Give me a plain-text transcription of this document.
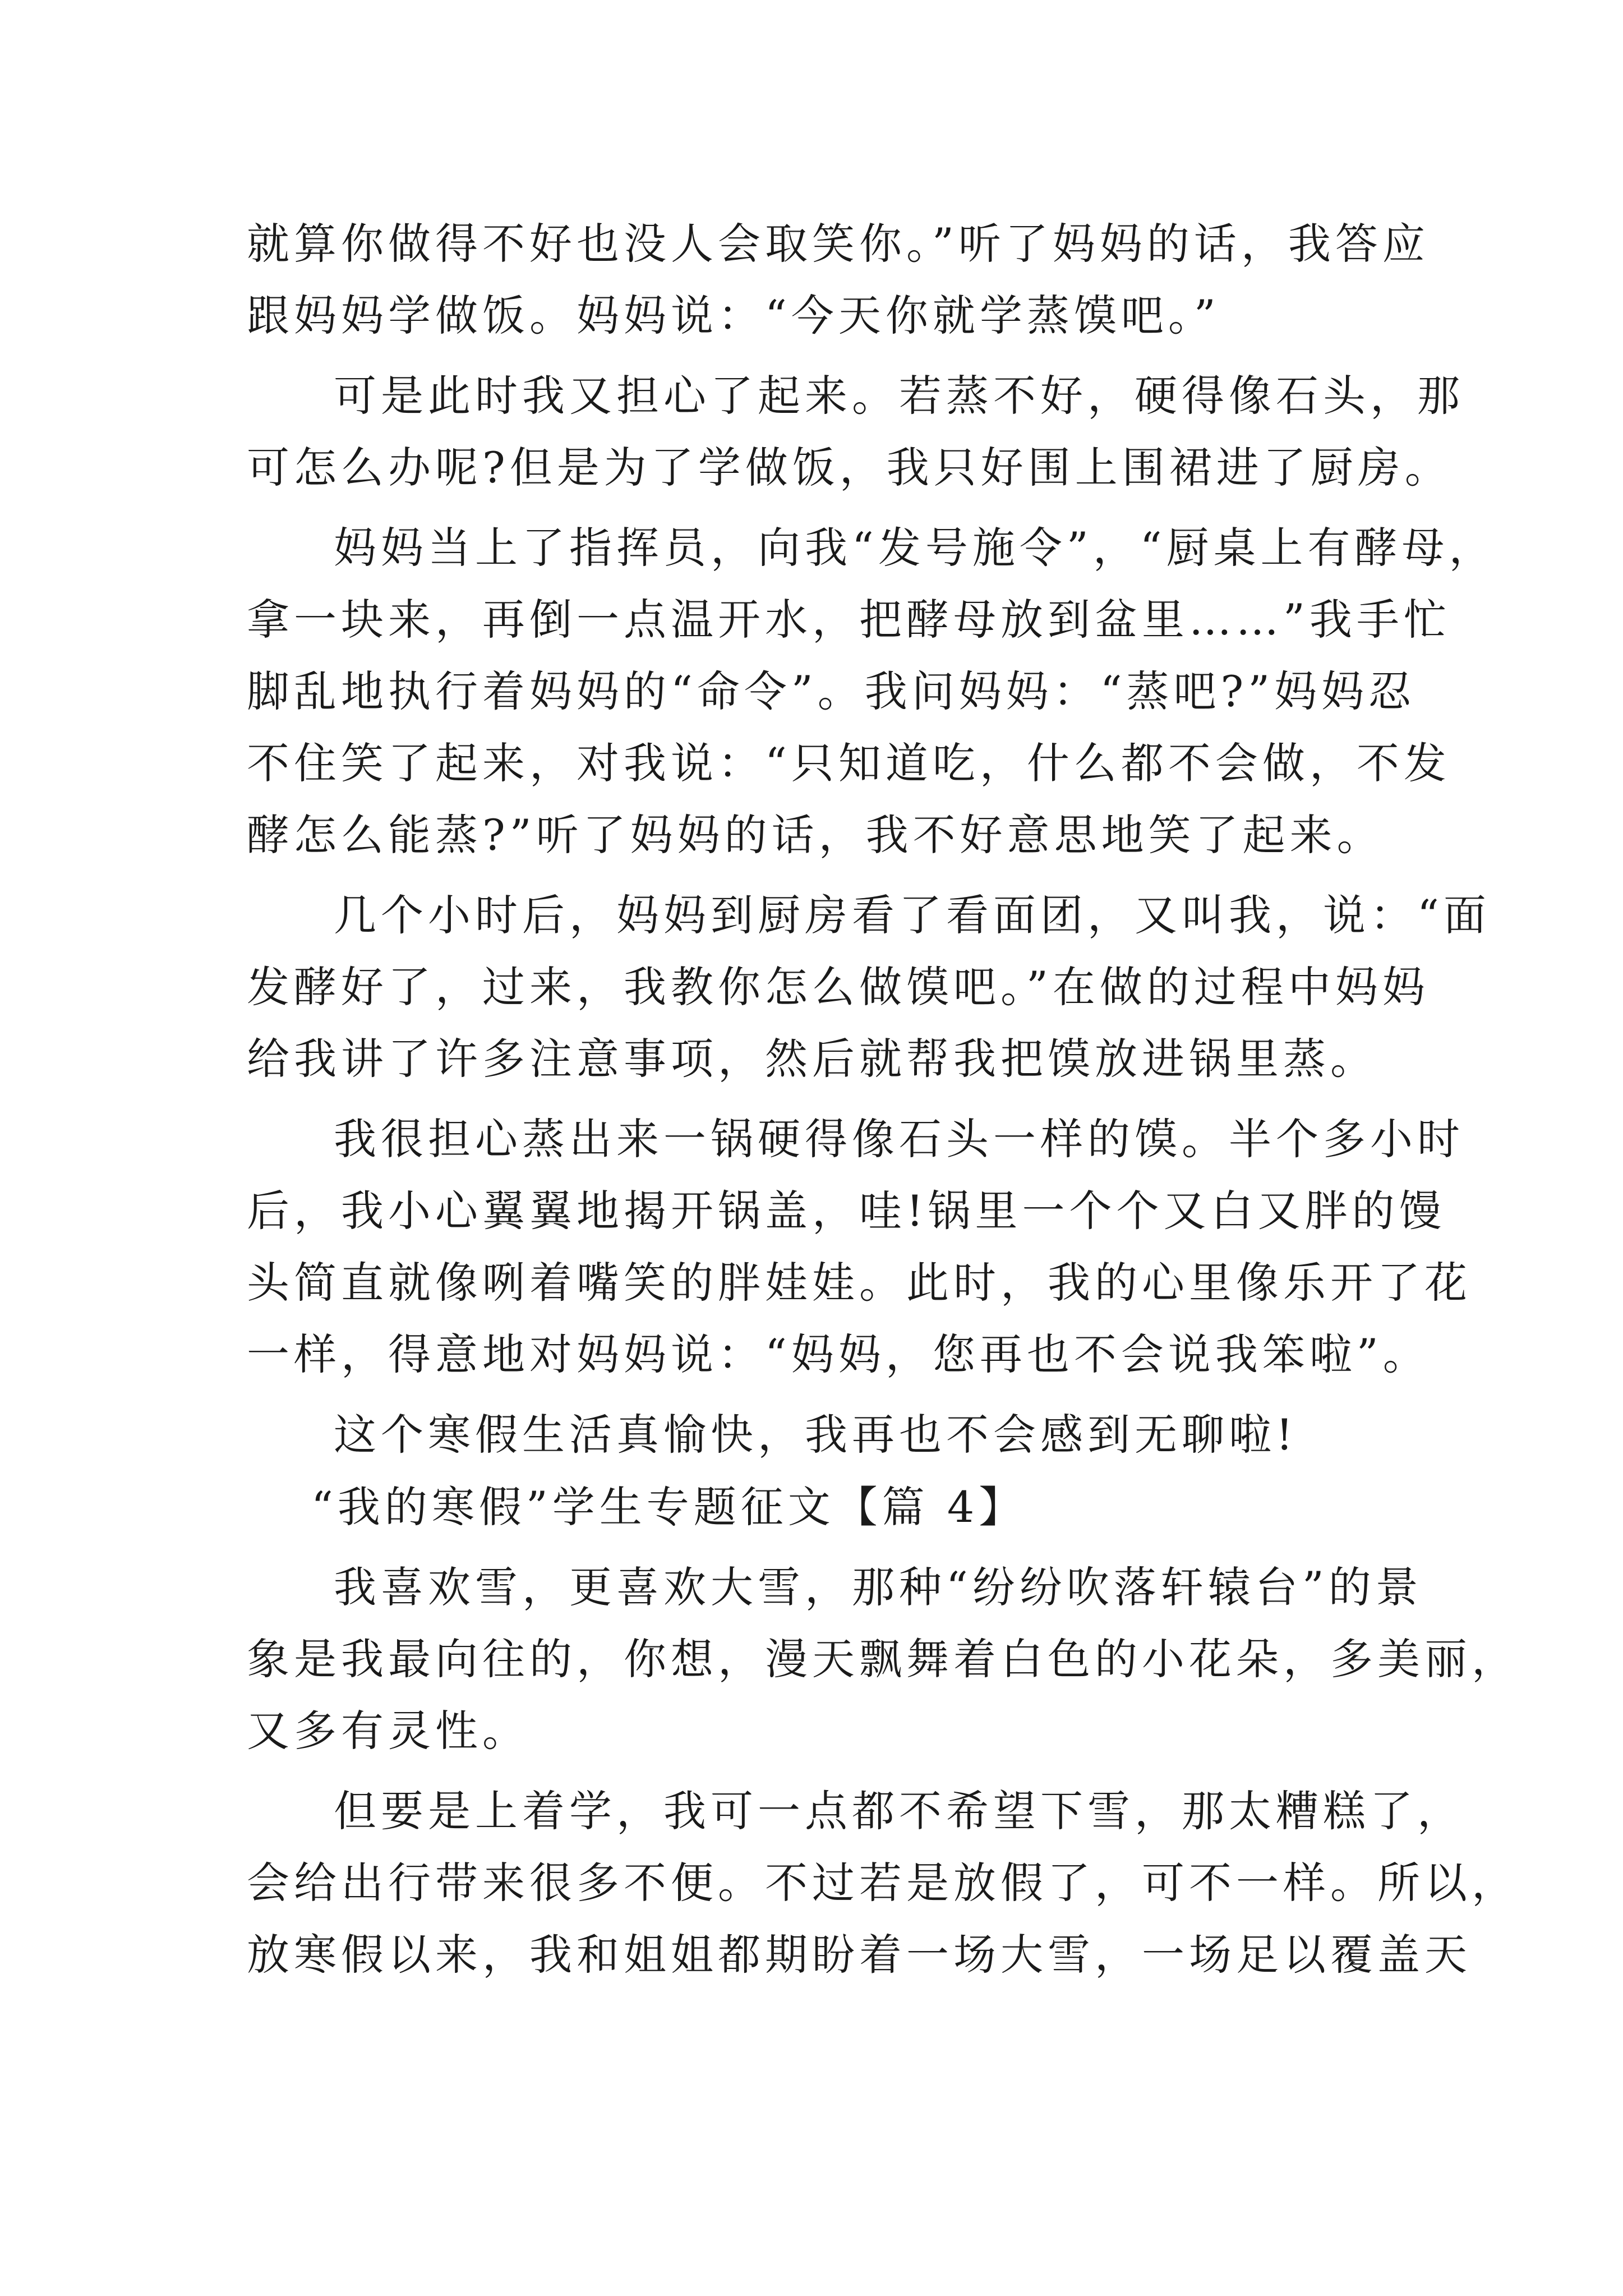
就算你做得不好也没人会取笑你。”听了妈妈的话，我答应
跟妈妈学做饭。妈妈说：“今天你就学蒸馍吧。”
可是此时我又担心了起来。若蒸不好，硬得像石头，那
可怎么办呢?但是为了学做饭，我只好围上围裙进了厨房。
妈妈当上了指挥员，向我“发号施令”，“厨桌上有酵母，
拿一块来，再倒一点温开水，把酵母放到盆里……”我手忙
脚乱地执行着妈妈的“命令”。我问妈妈：“蒸吧?”妈妈忍
不住笑了起来，对我说：“只知道吃，什么都不会做，不发
酵怎么能蒸?”听了妈妈的话，我不好意思地笑了起来。
几个小时后，妈妈到厨房看了看面团，又叫我，说：“面
发酵好了，过来，我教你怎么做馍吧。”在做的过程中妈妈
给我讲了许多注意事项，然后就帮我把馍放进锅里蒸。
我很担心蒸出来一锅硬得像石头一样的馍。半个多小时
后，我小心翼翼地揭开锅盖，哇!锅里一个个又白又胖的馒
头简直就像咧着嘴笑的胖娃娃。此时，我的心里像乐开了花
一样，得意地对妈妈说：“妈妈，您再也不会说我笨啦”。
这个寒假生活真愉快，我再也不会感到无聊啦!
“我的寒假”学生专题征文【篇 4】
我喜欢雪，更喜欢大雪，那种“纷纷吹落轩辕台”的景
象是我最向往的，你想，漫天飘舞着白色的小花朵，多美丽，
又多有灵性。
但要是上着学，我可一点都不希望下雪，那太糟糕了，
会给出行带来很多不便。不过若是放假了，可不一样。所以，
放寒假以来，我和姐姐都期盼着一场大雪，一场足以覆盖天
